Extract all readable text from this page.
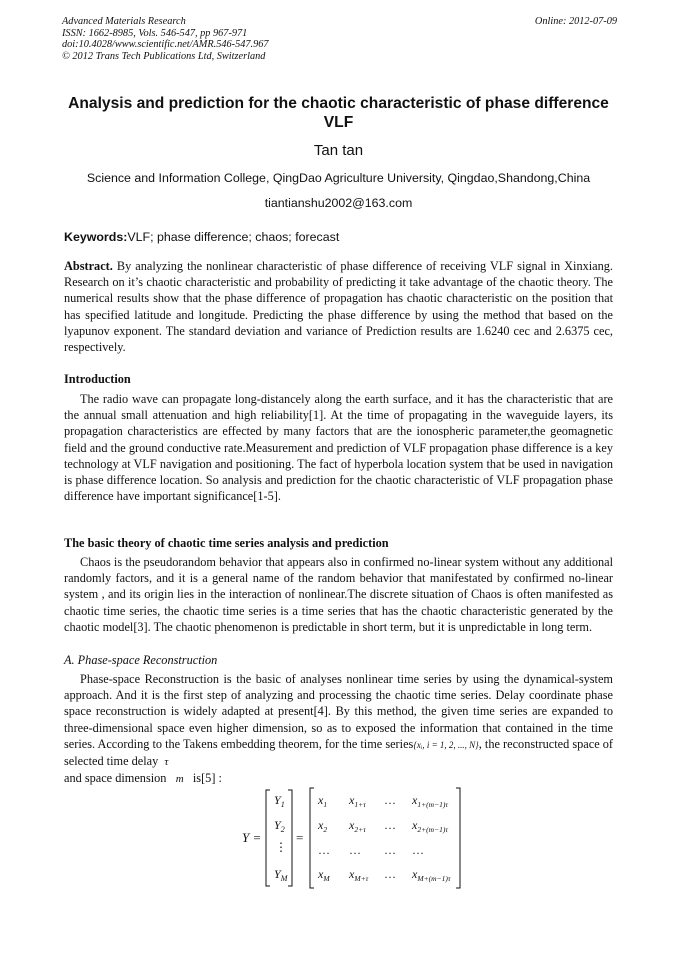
Advanced Materials Research
ISSN: 1662-8985, Vols. 546-547, pp 967-971
doi:10.4028/www.scientific.net/AMR.546-547.967
© 2012 Trans Tech Publications Ltd, Switzerland
Online: 2012-07-09
Analysis and prediction for the chaotic characteristic of phase difference VLF
Tan tan
Science and Information College, QingDao Agriculture University, Qingdao,Shandong,China
tiantianshu2002@163.com
Keywords:VLF; phase difference; chaos; forecast
Abstract. By analyzing the nonlinear characteristic of phase difference of receiving VLF signal in Xinxiang. Research on it’s chaotic characteristic and probability of predicting it take advantage of the chaotic theory. The numerical results show that the phase difference of propagation has chaotic characteristic on the position that has specified latitude and longitude. Predicting the phase difference by using the method that based on the lyapunov exponent. The standard deviation and variance of Prediction results are 1.6240 cec and 2.6375 cec, respectively.
Introduction
The radio wave can propagate long-distancely along the earth surface, and it has the characteristic that are the annual small attenuation and high reliability[1]. At the time of propagating in the waveguide layers, its propagation characteristics are effected by many factors that are the ionospheric parameter,the geomagnetic field and the ground conductive rate.Measurement and prediction of VLF propagation phase difference is a key technology at VLF navigation and positioning. The fact of hyperbola location system that be used in navigation is phase difference location. So analysis and prediction for the chaotic characteristic of VLF propagation phase difference have important significance[1-5].
The basic theory of chaotic time series analysis and prediction
Chaos is the pseudorandom behavior that appears also in confirmed no-linear system without any additional randomly factors, and it is a general name of the random behavior that manifestated by confirmed no-linear system , and its origin lies in the interaction of nonlinear.The discrete situation of Chaos is often manifested as chaotic time series, the chaotic time series is a time series that has the chaotic characteristic generated by the chaotic model[3]. The chaotic phenomenon is predictable in short term, but it is unpredictable in long term.
A. Phase-space Reconstruction
Phase-space Reconstruction is the basic of analyses nonlinear time series by using the dynamical-system approach. And it is the first step of analyzing and processing the chaotic time series. Delay coordinate phase space reconstruction is widely adapted at present[4]. By this method, the given time series are expanded to three-dimensional space even higher dimension, so as to exposed the information that contained in the time series. According to the Takens embedding theorem, for the time series{xᵢ, i = 1, 2, ..., N}, the reconstructed space of selected time delay τ
and space dimension m is[5] :
Y =
$Y_1$
$Y_2$
⋮
$Y_M$
=
$x_1$ $x_{1+\tau}$ … $x_{1+(m-1)\tau}$
$x_2$ $x_{2+\tau}$ … $x_{2+(m-1)\tau}$
… … … …
$x_M$ $x_{M+\tau}$ … $x_{M+(m-1)\tau}$
